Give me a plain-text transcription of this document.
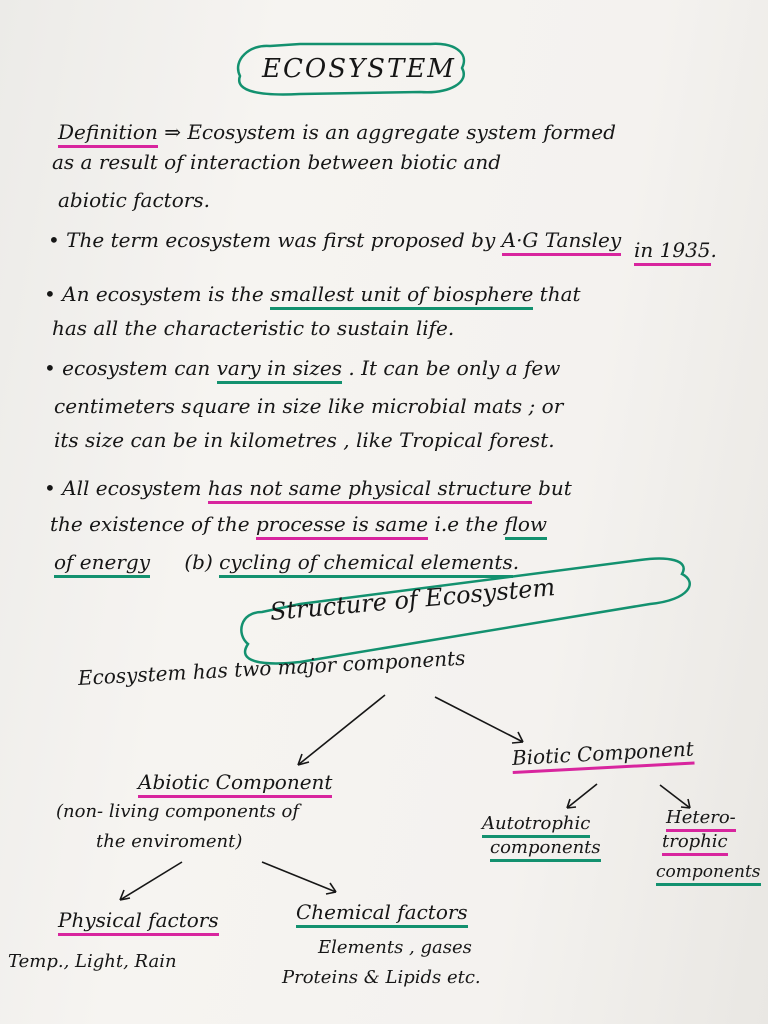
ECOSYSTEM
Definition ⇒ Ecosystem is an aggregate system formed
as a result of interaction between biotic and
abiotic factors.
• The term ecosystem was first proposed by A·G Tansley in 1935.
• An ecosystem is the smallest unit of biosphere that
has all the characteristic to sustain life.
• ecosystem can vary in sizes . It can be only a few
centimeters square in size like microbial mats ; or
its size can be in kilometres , like Tropical forest.
• All ecosystem has not same physical structure but
the existence of the processe is same i.e the flow
of energy (b) cycling of chemical elements.
Structure of Ecosystem
Ecosystem has two major components
Abiotic Component
(non- living components of
the enviroment)
Physical factors
Temp., Light, Rain
Chemical factors
Elements , gases
Proteins & Lipids etc.
Biotic Component
Autotrophic
components
Hetero-
trophic
components
